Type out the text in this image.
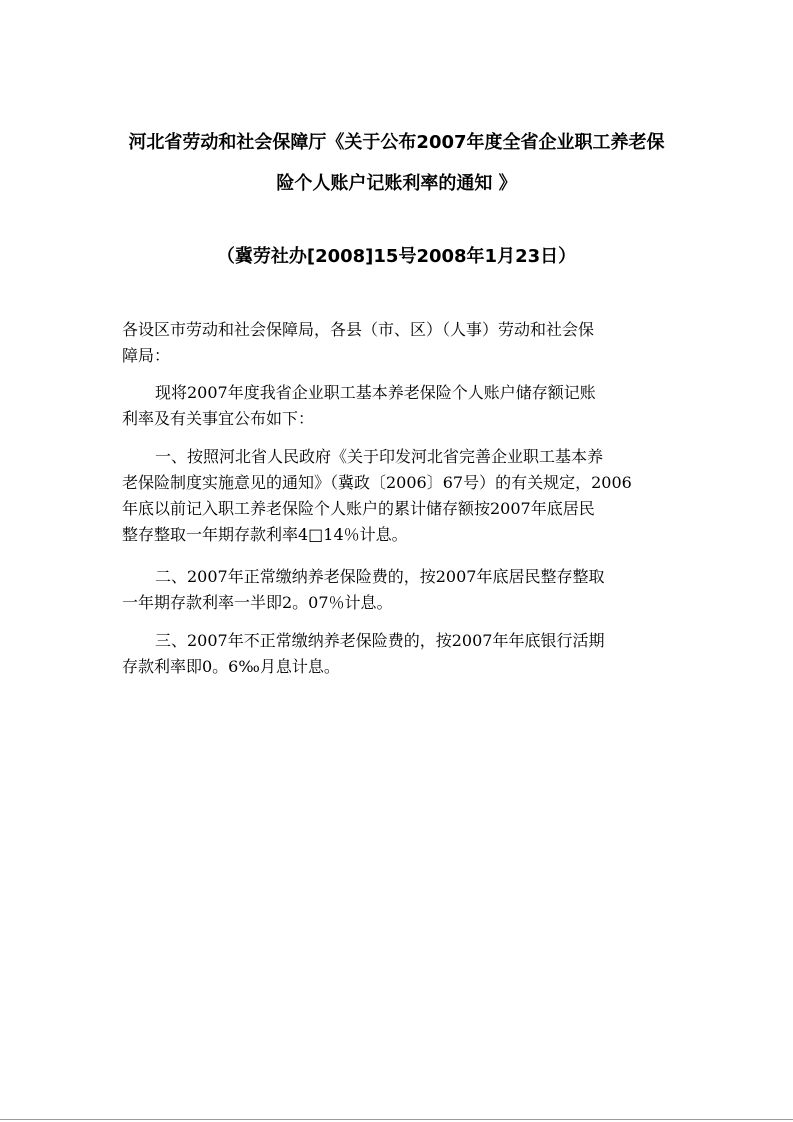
河北省劳动和社会保障厅《关于公布2007年度全省企业职工养老保
险个人账户记账利率的通知 》
（冀劳社办[2008]15号2008年1月23日）
各设区市劳动和社会保障局，各县（市、区）（人事）劳动和社会保
障局：
现将2007年度我省企业职工基本养老保险个人账户储存额记账
利率及有关事宜公布如下：
一、按照河北省人民政府《关于印发河北省完善企业职工基本养
老保险制度实施意见的通知》（冀政〔2006〕67号）的有关规定，2006
年底以前记入职工养老保险个人账户的累计储存额按2007年底居民
整存整取一年期存款利率4□14％计息。
二、2007年正常缴纳养老保险费的，按2007年底居民整存整取
一年期存款利率一半即2。07％计息。
三、2007年不正常缴纳养老保险费的，按2007年年底银行活期
存款利率即0。6‰月息计息。
